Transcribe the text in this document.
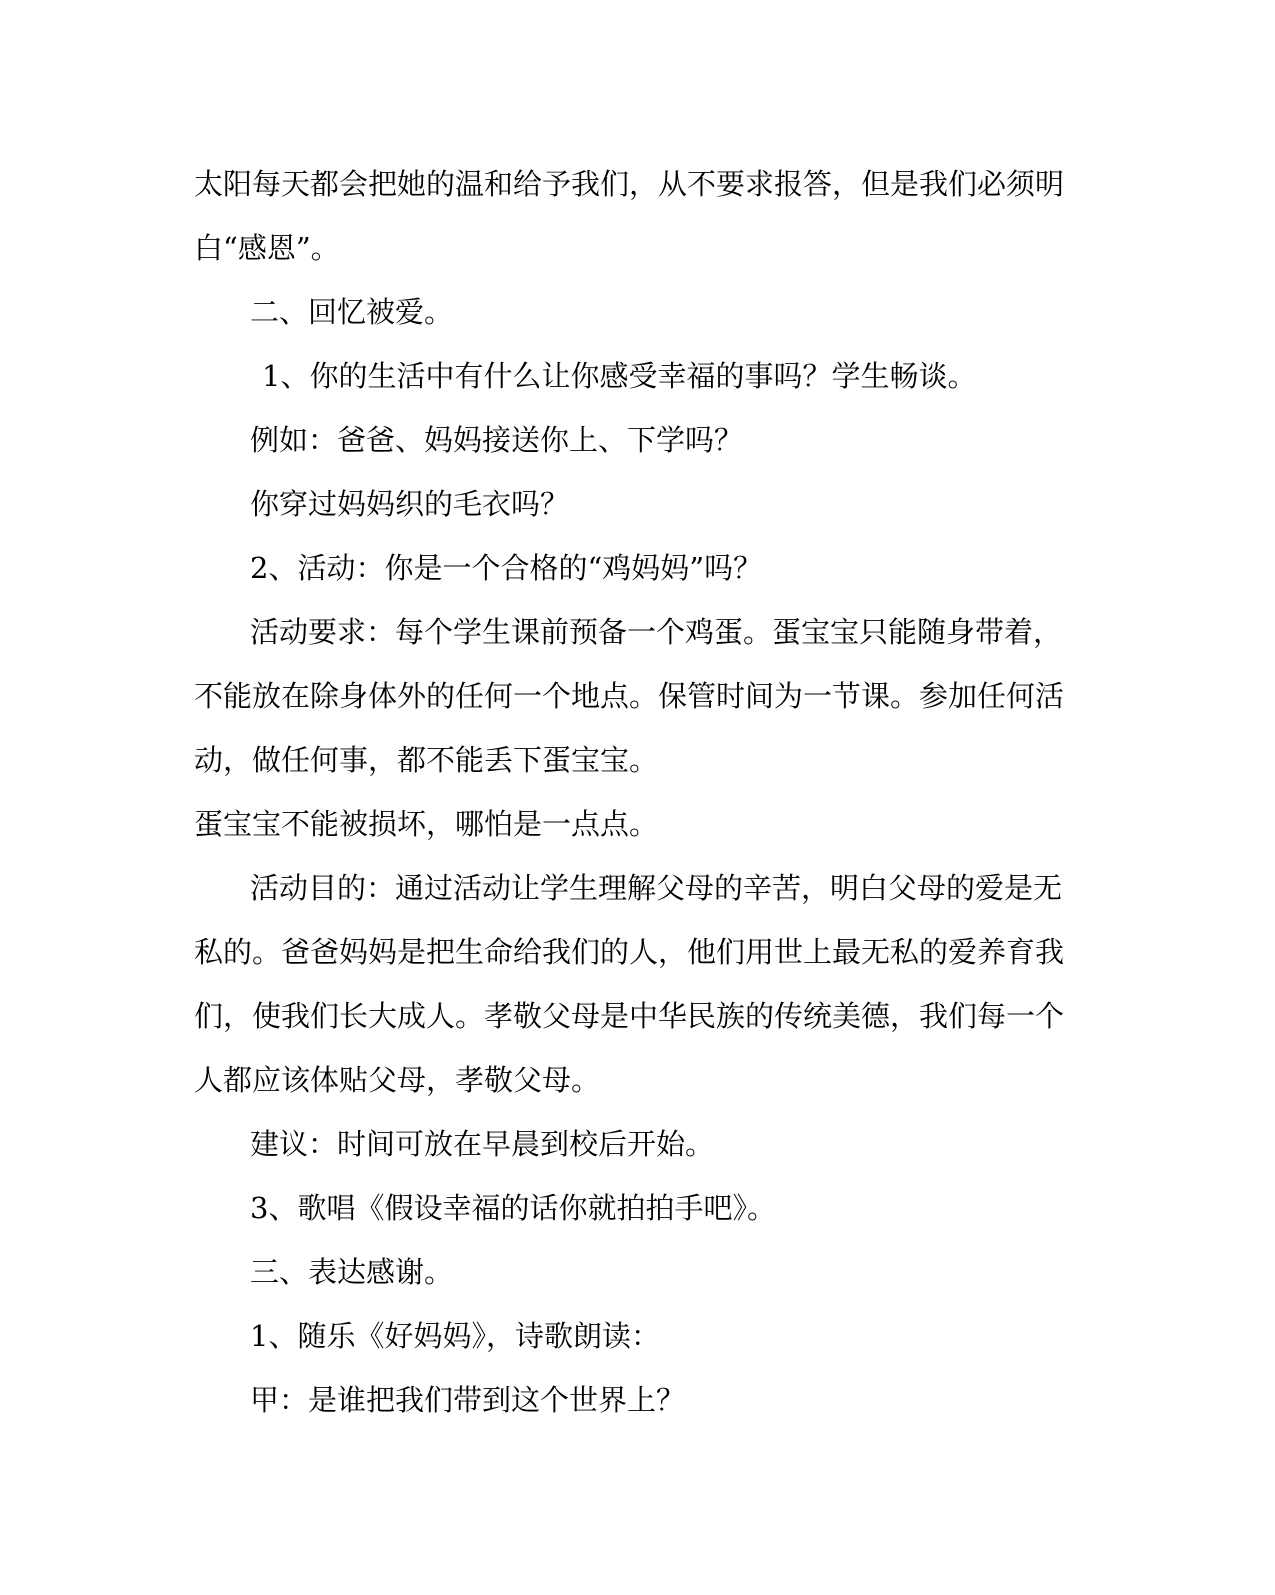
太阳每天都会把她的温和给予我们，从不要求报答，但是我们必须明

白“感恩”。

二、回忆被爱。

1、你的生活中有什么让你感受幸福的事吗？学生畅谈。

例如：爸爸、妈妈接送你上、下学吗？

你穿过妈妈织的毛衣吗？

2、活动：你是一个合格的“鸡妈妈”吗？

活动要求：每个学生课前预备一个鸡蛋。蛋宝宝只能随身带着，

不能放在除身体外的任何一个地点。保管时间为一节课。参加任何活

动，做任何事，都不能丢下蛋宝宝。

蛋宝宝不能被损坏，哪怕是一点点。

活动目的：通过活动让学生理解父母的辛苦，明白父母的爱是无

私的。爸爸妈妈是把生命给我们的人，他们用世上最无私的爱养育我

们，使我们长大成人。孝敬父母是中华民族的传统美德，我们每一个

人都应该体贴父母，孝敬父母。

建议：时间可放在早晨到校后开始。

3、歌唱《假设幸福的话你就拍拍手吧》。

三、表达感谢。

1、随乐《好妈妈》，诗歌朗读：

甲：是谁把我们带到这个世界上？
